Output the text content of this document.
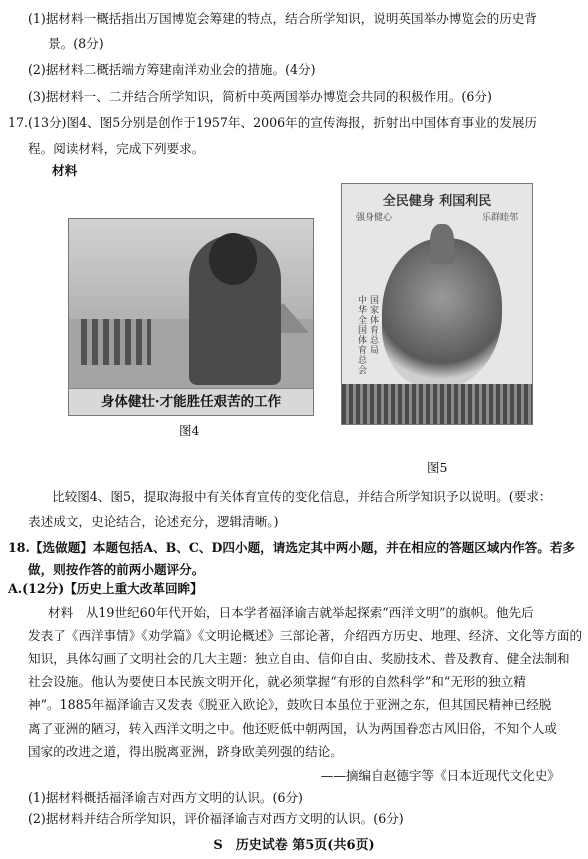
(1)据材料一概括指出万国博览会筹建的特点，结合所学知识，说明英国举办博览会的历史背
景。(8分)
(2)据材料二概括端方筹建南洋劝业会的措施。(4分)
(3)据材料一、二并结合所学知识，简析中英两国举办博览会共同的积极作用。(6分)
17.(13分)图4、图5分别是创作于1957年、2006年的宣传海报，折射出中国体育事业的发展历
程。阅读材料，完成下列要求。
材料
身体健壮·才能胜任艰苦的工作
图4
全民健身 利国利民
强身健心	乐群睦邻
国家体育总局
中华全国体育总会
图5
比较图4、图5，提取海报中有关体育宣传的变化信息，并结合所学知识予以说明。(要求：
表述成文，史论结合，论述充分，逻辑清晰。)
18.【选做题】本题包括A、B、C、D四小题，请选定其中两小题，并在相应的答题区域内作答。若多
做，则按作答的前两小题评分。
A.(12分)【历史上重大改革回眸】
材料　从19世纪60年代开始，日本学者福泽谕吉就举起探索“西洋文明”的旗帜。他先后
发表了《西洋事情》《劝学篇》《文明论概述》三部论著，介绍西方历史、地理、经济、文化等方面的
知识，具体勾画了文明社会的几大主题：独立自由、信仰自由、奖励技术、普及教育、健全法制和
社会设施。他认为要使日本民族文明开化，就必须掌握“有形的自然科学”和“无形的独立精
神”。1885年福泽谕吉又发表《脱亚入欧论》，鼓吹日本虽位于亚洲之东，但其国民精神已经脱
离了亚洲的陋习，转入西洋文明之中。他还贬低中朝两国，认为两国眷恋古风旧俗，不知个人或
国家的改进之道，得出脱离亚洲，跻身欧美列强的结论。
——摘编自赵德宇等《日本近现代文化史》
(1)据材料概括福泽谕吉对西方文明的认识。(6分)
(2)据材料并结合所学知识，评价福泽谕吉对西方文明的认识。(6分)
S　历史试卷 第5页(共6页)
